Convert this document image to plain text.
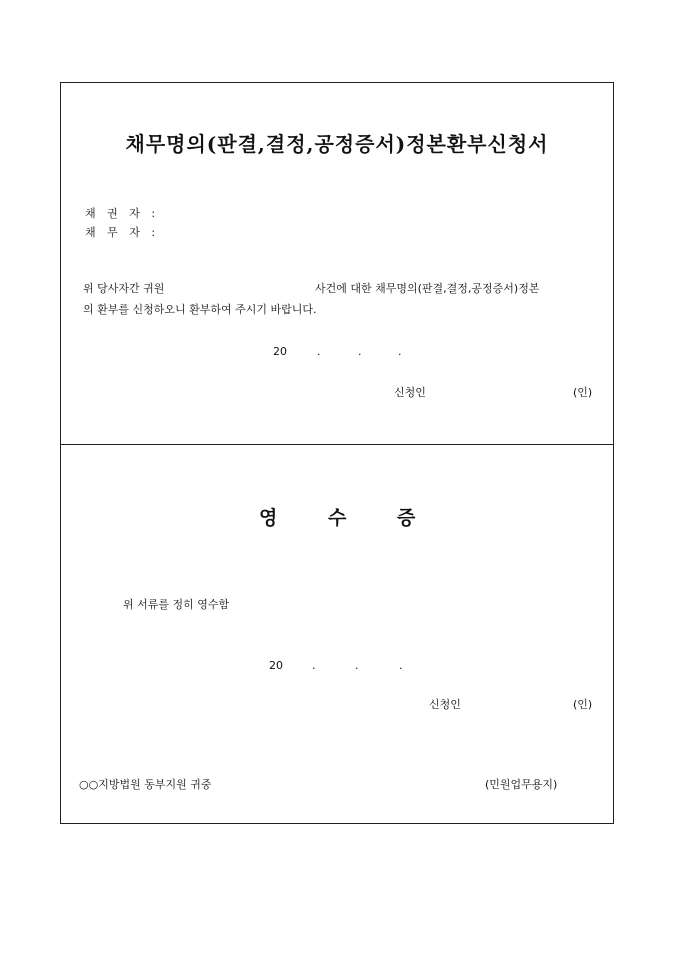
채무명의(판결,결정,공정증서)정본환부신청서
채 권 자 :
채 무 자 :
위 당사자간 귀원	사건에 대한 채무명의(판결,결정,공정증서)정본
의 환부를 신청하오니 환부하여 주시기 바랍니다.
20	.	.	.
신청인	(인)
영	수	증
위 서류를 정히 영수함
20	.	.	.
신청인	(인)
○○지방법원 동부지원 귀중	(민원업무용지)
